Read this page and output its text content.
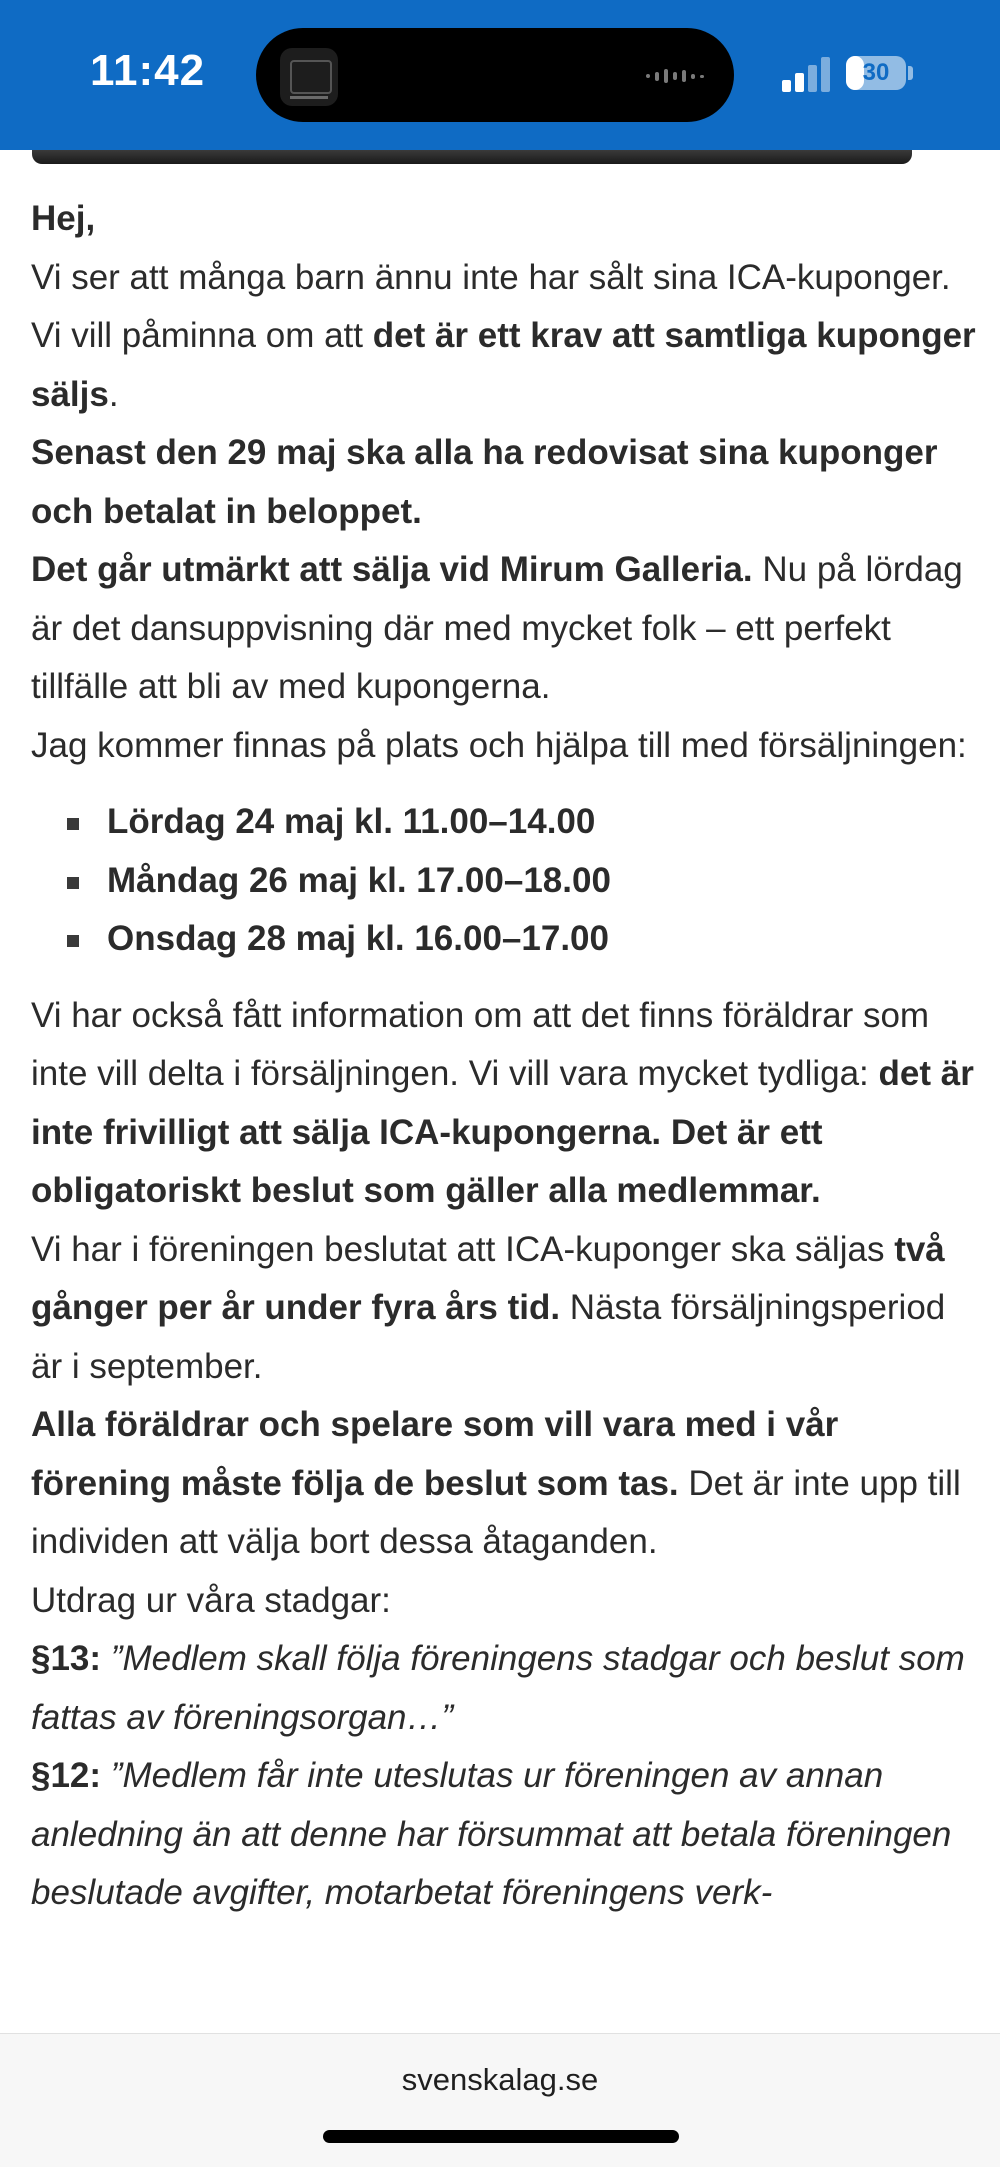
11:42	30

Hej,

Vi ser att många barn ännu inte har sålt sina ICA-kuponger. Vi vill påminna om att det är ett krav att samtliga kuponger säljs.

Senast den 29 maj ska alla ha redovisat sina kuponger och betalat in beloppet.

Det går utmärkt att sälja vid Mirum Galleria. Nu på lördag är det dansuppvisning där med mycket folk – ett perfekt tillfälle att bli av med kupongerna.

Jag kommer finnas på plats och hjälpa till med försäljningen:

Lördag 24 maj kl. 11.00–14.00
Måndag 26 maj kl. 17.00–18.00
Onsdag 28 maj kl. 16.00–17.00

Vi har också fått information om att det finns föräldrar som inte vill delta i försäljningen. Vi vill vara mycket tydliga: det är inte frivilligt att sälja ICA-kupongerna. Det är ett obligatoriskt beslut som gäller alla medlemmar.

Vi har i föreningen beslutat att ICA-kuponger ska säljas två gånger per år under fyra års tid. Nästa försäljningsperiod är i september.

Alla föräldrar och spelare som vill vara med i vår förening måste följa de beslut som tas. Det är inte upp till individen att välja bort dessa åtaganden.

Utdrag ur våra stadgar:

§13: ”Medlem skall följa föreningens stadgar och beslut som fattas av föreningsorgan…”

§12: ”Medlem får inte uteslutas ur föreningen av annan anledning än att denne har försummat att betala föreningen beslutade avgifter, motarbetat föreningens verk-

svenskalag.se
